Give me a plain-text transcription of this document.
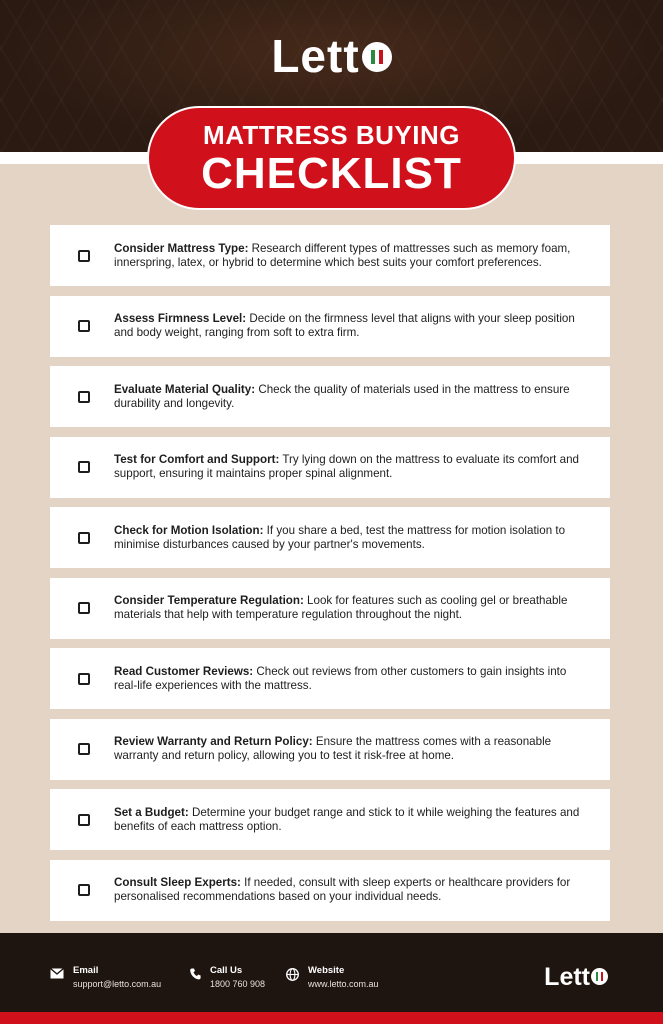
Lett
MATTRESS BUYING
CHECKLIST
Consider Mattress Type: Research different types of mattresses such as memory foam, innerspring, latex, or hybrid to determine which best suits your comfort preferences.
Assess Firmness Level: Decide on the firmness level that aligns with your sleep position and body weight, ranging from soft to extra firm.
Evaluate Material Quality: Check the quality of materials used in the mattress to ensure durability and longevity.
Test for Comfort and Support: Try lying down on the mattress to evaluate its comfort and support, ensuring it maintains proper spinal alignment.
Check for Motion Isolation: If you share a bed, test the mattress for motion isolation to minimise disturbances caused by your partner's movements.
Consider Temperature Regulation: Look for features such as cooling gel or breathable materials that help with temperature regulation throughout the night.
Read Customer Reviews: Check out reviews from other customers to gain insights into real-life experiences with the mattress.
Review Warranty and Return Policy: Ensure the mattress comes with a reasonable warranty and return policy, allowing you to test it risk-free at home.
Set a Budget: Determine your budget range and stick to it while weighing the features and benefits of each mattress option.
Consult Sleep Experts: If needed, consult with sleep experts or healthcare providers for personalised recommendations based on your individual needs.
Email
support@letto.com.au
Call Us
1800 760 908
Website
www.letto.com.au	Lett
